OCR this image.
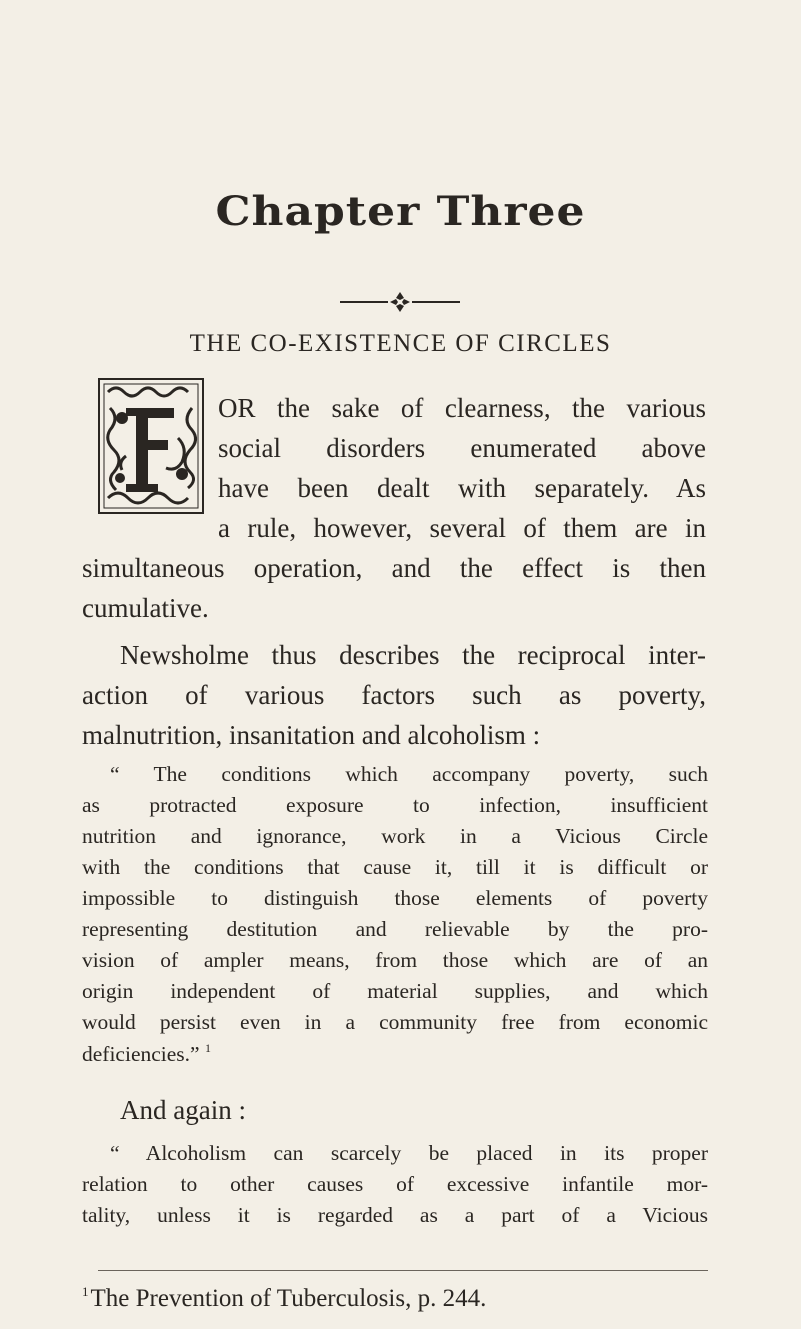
Chapter Three
THE CO-EXISTENCE OF CIRCLES
OR the sake of clearness, the various
social disorders enumerated above
have been dealt with separately. As
a rule, however, several of them are in
simultaneous operation, and the effect is then
cumulative.
Newsholme thus describes the reciprocal inter-
action of various factors such as poverty,
malnutrition, insanitation and alcoholism :
“ The conditions which accompany poverty, such
as protracted exposure to infection, insufficient
nutrition and ignorance, work in a Vicious Circle
with the conditions that cause it, till it is difficult or
impossible to distinguish those elements of poverty
representing destitution and relievable by the pro-
vision of ampler means, from those which are of an
origin independent of material supplies, and which
would persist even in a community free from economic
deficiencies.” $^1$
And again :
“ Alcoholism can scarcely be placed in its proper
relation to other causes of excessive infantile mor-
tality, unless it is regarded as a part of a Vicious
$^1$The Prevention of Tuberculosis, p. 244.
